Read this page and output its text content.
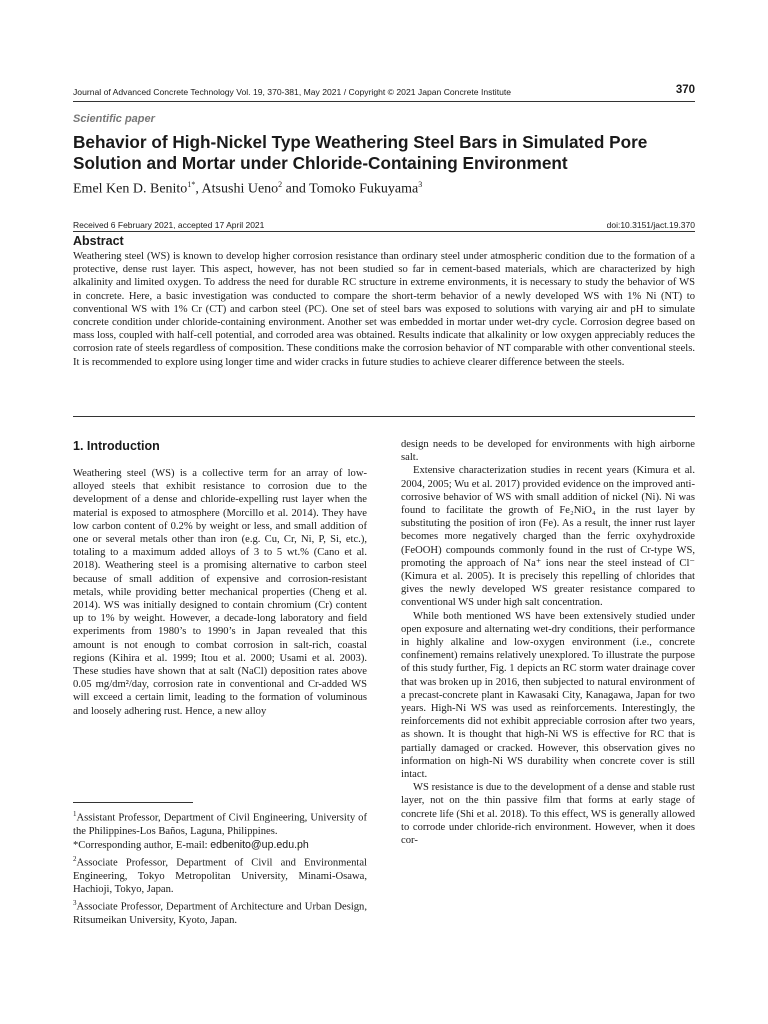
Journal of Advanced Concrete Technology Vol. 19, 370-381, May 2021 / Copyright © 2021 Japan Concrete Institute	370
Scientific paper
Behavior of High-Nickel Type Weathering Steel Bars in Simulated Pore Solution and Mortar under Chloride-Containing Environment
Emel Ken D. Benito$^{1*}$, Atsushi Ueno$^2$ and Tomoko Fukuyama$^3$
Received 6 February 2021, accepted 17 April 2021	doi:10.3151/jact.19.370
Abstract

Weathering steel (WS) is known to develop higher corrosion resistance than ordinary steel under atmospheric condition due to the formation of a protective, dense rust layer. This aspect, however, has not been studied so far in cement-based materials, which are characterized by high alkalinity and limited oxygen. To address the need for durable RC structure in extreme environments, it is necessary to study the behavior of WS in concrete. Here, a basic investigation was conducted to compare the short-term behavior of a newly developed WS with 1% Ni (NT) to conventional WS with 1% Cr (CT) and carbon steel (PC). One set of steel bars was exposed to solutions with varying air and pH to simulate concrete condition under chloride-containing environment. Another set was embedded in mortar under wet-dry cycle. Corrosion degree based on mass loss, coupled with half-cell potential, and corroded area was obtained. Results indicate that alkalinity or low oxygen appreciably reduces the corrosion rate of steels regardless of composition. These conditions make the corrosion behavior of NT comparable with other conventional steels. It is recommended to explore using longer time and wider cracks in future studies to achieve clearer difference between the steels.

1. Introduction

Weathering steel (WS) is a collective term for an array of low-alloyed steels that exhibit resistance to corrosion due to the development of a dense and chloride-expelling rust layer when the material is exposed to atmosphere (Morcillo et al. 2014). They have low carbon content of 0.2% by weight or less, and small addition of one or several metals other than iron (e.g. Cu, Cr, Ni, P, Si, etc.), totaling to a maximum added alloys of 3 to 5 wt.% (Cano et al. 2018). Weathering steel is a promising alternative to carbon steel because of small addition of expensive and corrosion-resistant metals, while providing better mechanical properties (Cheng et al. 2014). WS was initially designed to contain chromium (Cr) content up to 1% by weight. However, a decade-long laboratory and field experiments from 1980’s to 1990’s in Japan revealed that this amount is not enough to combat corrosion in salt-rich, coastal regions (Kihira et al. 1999; Itou et al. 2000; Usami et al. 2003). These studies have shown that at salt (NaCl) deposition rates above 0.05 mg/dm²/day, corrosion rate in conventional and Cr-added WS will exceed a certain limit, leading to the formation of voluminous and loosely adhering rust. Hence, a new alloy

$^1$Assistant Professor, Department of Civil Engineering, University of the Philippines-Los Baños, Laguna, Philippines.

*Corresponding author, E-mail: edbenito@up.edu.ph

$^2$Associate Professor, Department of Civil and Environmental Engineering, Tokyo Metropolitan University, Minami-Osawa, Hachioji, Tokyo, Japan.

$^3$Associate Professor, Department of Architecture and Urban Design, Ritsumeikan University, Kyoto, Japan.

design needs to be developed for environments with high airborne salt.

Extensive characterization studies in recent years (Kimura et al. 2004, 2005; Wu et al. 2017) provided evidence on the improved anti-corrosive behavior of WS with small addition of nickel (Ni). Ni was found to facilitate the growth of Fe₂NiO₄ in the rust layer by substituting the position of iron (Fe). As a result, the inner rust layer becomes more negatively charged than the ferric oxyhydroxide (FeOOH) compounds commonly found in the rust of Cr-type WS, promoting the approach of Na⁺ ions near the steel instead of Cl⁻ (Kimura et al. 2005). It is precisely this repelling of chlorides that gives the newly developed WS greater resistance compared to conventional WS under high salt concentration.

While both mentioned WS have been extensively studied under open exposure and alternating wet-dry conditions, their performance in highly alkaline and low-oxygen environment (i.e., concrete confinement) remains relatively unexplored. To illustrate the purpose of this study further, Fig. 1 depicts an RC storm water drainage cover that was broken up in 2016, then subjected to natural environment of a precast-concrete plant in Kawasaki City, Kanagawa, Japan for two years. High-Ni WS was used as reinforcements. Interestingly, the reinforcements did not exhibit appreciable corrosion after two years, as shown. It is thought that high-Ni WS is effective for RC that is partially damaged or cracked. However, this observation gives no information on high-Ni WS durability when concrete cover is still intact.

WS resistance is due to the development of a dense and stable rust layer, not on the thin passive film that forms at early stage of concrete life (Shi et al. 2018). To this effect, WS is generally allowed to corrode under chloride-rich environment. However, when it does cor-
